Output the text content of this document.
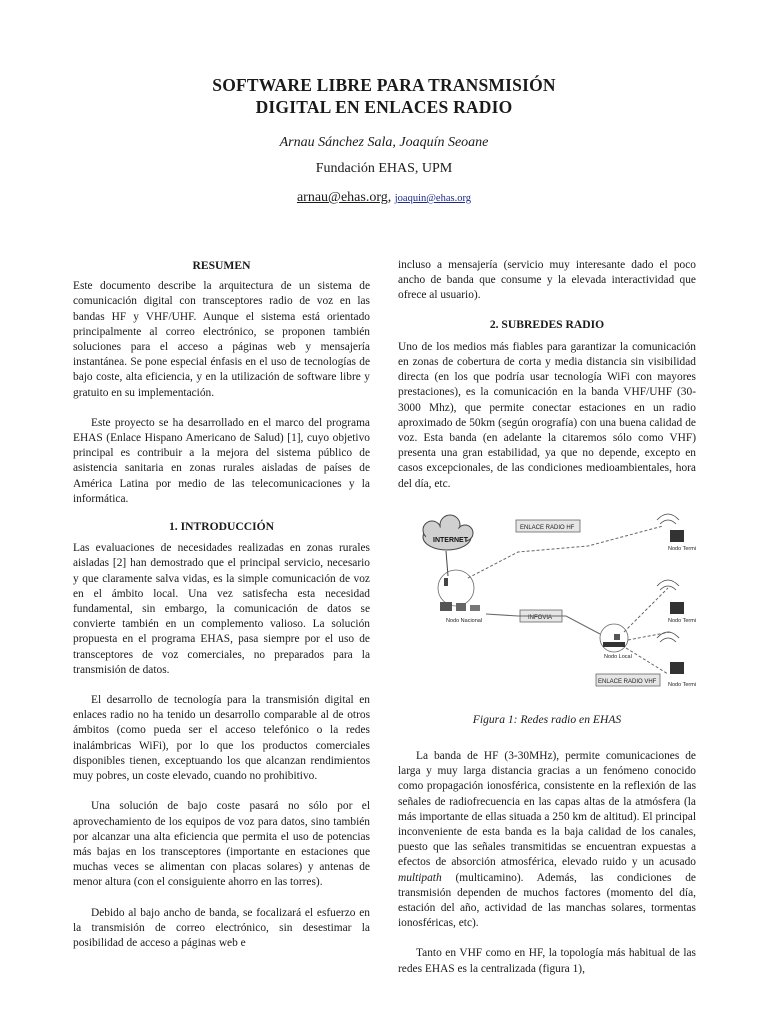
SOFTWARE LIBRE PARA TRANSMISIÓN
DIGITAL EN ENLACES RADIO
Arnau Sánchez Sala, Joaquín Seoane
Fundación EHAS, UPM
arnau@ehas.org, joaquin@ehas.org
RESUMEN

Este documento describe la arquitectura de un sistema de comunicación digital con transceptores radio de voz en las bandas HF y VHF/UHF. Aunque el sistema está orientado principalmente al correo electrónico, se proponen también soluciones para el acceso a páginas web y mensajería instantánea. Se pone especial énfasis en el uso de tecnologías de bajo coste, alta eficiencia, y en la utilización de software libre y gratuito en su implementación.

Este proyecto se ha desarrollado en el marco del programa EHAS (Enlace Hispano Americano de Salud) [1], cuyo objetivo principal es contribuir a la mejora del sistema público de asistencia sanitaria en zonas rurales aisladas de países de América Latina por medio de las telecomunicaciones y la informática.

1. INTRODUCCIÓN

Las evaluaciones de necesidades realizadas en zonas rurales aisladas [2] han demostrado que el principal servicio, necesario y que claramente salva vidas, es la simple comunicación de voz en el ámbito local. Una vez satisfecha esta necesidad fundamental, sin embargo, la comunicación de datos se convierte también en un complemento valioso. La solución propuesta en el programa EHAS, pasa siempre por el uso de transceptores de voz comerciales, no preparados para la transmisión de datos.

El desarrollo de tecnología para la transmisión digital en enlaces radio no ha tenido un desarrollo comparable al de otros ámbitos (como pueda ser el acceso telefónico o la redes inalámbricas WiFi), por lo que los productos comerciales disponibles tienen, exceptuando los que alcanzan rendimientos muy pobres, un coste elevado, cuando no prohibitivo.

Una solución de bajo coste pasará no sólo por el aprovechamiento de los equipos de voz para datos, sino también por alcanzar una alta eficiencia que permita el uso de potencias más bajas en los transceptores (importante en estaciones que muchas veces se alimentan con placas solares) y antenas de menor altura (con el consiguiente ahorro en las torres).

Debido al bajo ancho de banda, se focalizará el esfuerzo en la transmisión de correo electrónico, sin desestimar la posibilidad de acceso a páginas web e

incluso a mensajería (servicio muy interesante dado el poco ancho de banda que consume y la elevada interactividad que ofrece al usuario).

2. SUBREDES RADIO

Uno de los medios más fiables para garantizar la comunicación en zonas de cobertura de corta y media distancia sin visibilidad directa (en los que podría usar tecnología WiFi con mayores prestaciones), es la comunicación en la banda VHF/UHF (30-3000 Mhz), que permite conectar estaciones en un radio aproximado de 50km (según orografía) con una buena calidad de voz. Esta banda (en adelante la citaremos sólo como VHF) presenta una gran estabilidad, ya que no depende, excepto en casos excepcionales, de las condiciones medioambientales, hora del día, etc.

INTERNET
ENLACE RADIO HF
Nodo Nacional	INFOVIA
Nodo Local
ENLACE RADIO VHF
Nodo Termi
Nodo Termi
Nodo Termi
Figura 1: Redes radio en EHAS

La banda de HF (3-30MHz), permite comunicaciones de larga y muy larga distancia gracias a un fenómeno conocido como propagación ionosférica, consistente en la reflexión de las señales de radiofrecuencia en las capas altas de la atmósfera (la más importante de ellas situada a 250 km de altitud). El principal inconveniente de esta banda es la baja calidad de los canales, puesto que las señales transmitidas se encuentran expuestas a efectos de absorción atmosférica, elevado ruido y un acusado multipath (multicamino). Además, las condiciones de transmisión dependen de muchos factores (momento del día, estación del año, actividad de las manchas solares, tormentas ionosféricas, etc).

Tanto en VHF como en HF, la topología más habitual de las redes EHAS es la centralizada (figura 1),
